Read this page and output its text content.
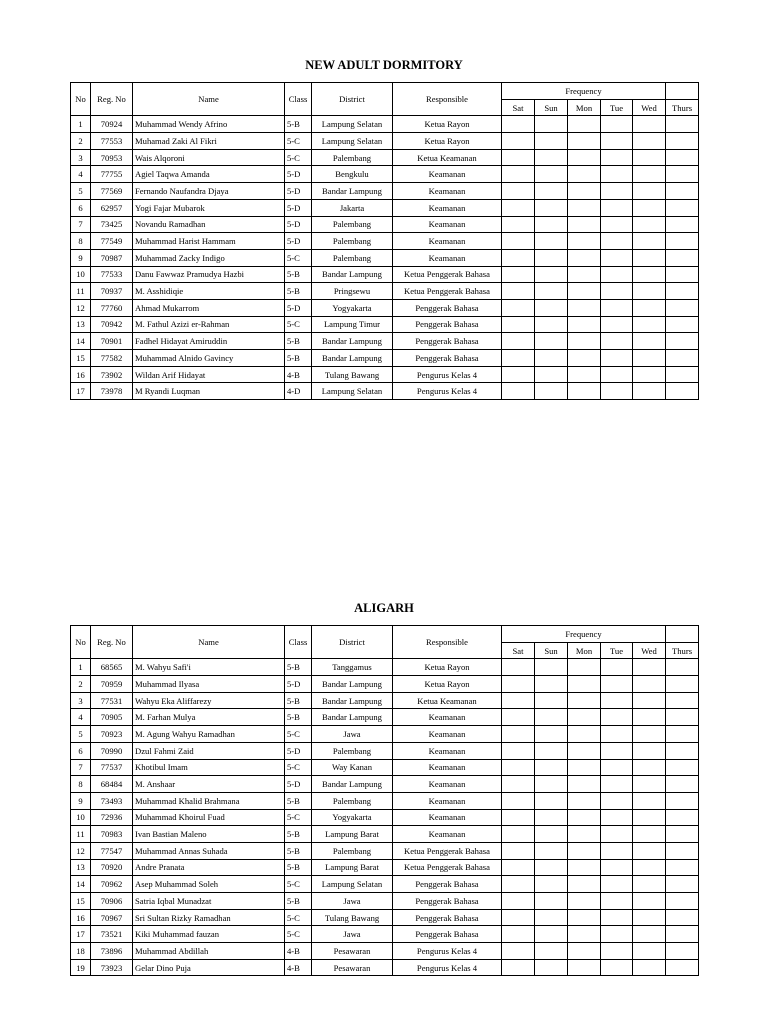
NEW ADULT DORMITORY
No	Reg. No	Name	Class	District	Responsible	Frequency					
						Sat	Sun	Mon	Tue	Wed	Thurs
1	70924	Muhammad Wendy Afrino	5-B	Lampung Selatan	Ketua Rayon						
2	77553	Muhamad Zaki Al Fikri	5-C	Lampung Selatan	Ketua Rayon						
3	70953	Wais Alqoroni	5-C	Palembang	Ketua Keamanan						
4	77755	Agiel Taqwa Amanda	5-D	Bengkulu	Keamanan						
5	77569	Fernando Naufandra Djaya	5-D	Bandar Lampung	Keamanan						
6	62957	Yogi Fajar Mubarok	5-D	Jakarta	Keamanan						
7	73425	Novandu Ramadhan	5-D	Palembang	Keamanan						
8	77549	Muhammad Harist Hammam	5-D	Palembang	Keamanan						
9	70987	Muhammad Zacky Indigo	5-C	Palembang	Keamanan						
10	77533	Danu Fawwaz Pramudya Hazbi	5-B	Bandar Lampung	Ketua Penggerak Bahasa						
11	70937	M. Asshidiqie	5-B	Pringsewu	Ketua Penggerak Bahasa						
12	77760	Ahmad Mukarrom	5-D	Yogyakarta	Penggerak Bahasa						
13	70942	M. Fathul Azizi er-Rahman	5-C	Lampung Timur	Penggerak Bahasa						
14	70901	Fadhel Hidayat Amiruddin	5-B	Bandar Lampung	Penggerak Bahasa						
15	77582	Muhammad Alnido Gavincy	5-B	Bandar Lampung	Penggerak Bahasa						
16	73902	Wildan Arif Hidayat	4-B	Tulang Bawang	Pengurus Kelas 4						
17	73978	M Ryandi Luqman	4-D	Lampung Selatan	Pengurus Kelas 4						
ALIGARH
No	Reg. No	Name	Class	District	Responsible	Frequency					
						Sat	Sun	Mon	Tue	Wed	Thurs
1	68565	M. Wahyu Safi'i	5-B	Tanggamus	Ketua Rayon						
2	70959	Muhammad Ilyasa	5-D	Bandar Lampung	Ketua Rayon						
3	77531	Wahyu Eka Aliffarezy	5-B	Bandar Lampung	Ketua Keamanan						
4	70905	M. Farhan Mulya	5-B	Bandar Lampung	Keamanan						
5	70923	M. Agung Wahyu Ramadhan	5-C	Jawa	Keamanan						
6	70990	Dzul Fahmi Zaid	5-D	Palembang	Keamanan						
7	77537	Khotibul Imam	5-C	Way Kanan	Keamanan						
8	68484	M. Anshaar	5-D	Bandar Lampung	Keamanan						
9	73493	Muhammad Khalid Brahmana	5-B	Palembang	Keamanan						
10	72936	Muhammad Khoirul Fuad	5-C	Yogyakarta	Keamanan						
11	70983	Ivan Bastian Maleno	5-B	Lampung Barat	Keamanan						
12	77547	Muhammad Annas Suhada	5-B	Palembang	Ketua Penggerak Bahasa						
13	70920	Andre Pranata	5-B	Lampung Barat	Ketua Penggerak Bahasa						
14	70962	Asep Muhammad Soleh	5-C	Lampung Selatan	Penggerak Bahasa						
15	70906	Satria Iqbal Munadzat	5-B	Jawa	Penggerak Bahasa						
16	70967	Sri Sultan Rizky Ramadhan	5-C	Tulang Bawang	Penggerak Bahasa						
17	73521	Kiki Muhammad fauzan	5-C	Jawa	Penggerak Bahasa						
18	73896	Muhammad Abdillah	4-B	Pesawaran	Pengurus Kelas 4						
19	73923	Gelar Dino Puja	4-B	Pesawaran	Pengurus Kelas 4						
